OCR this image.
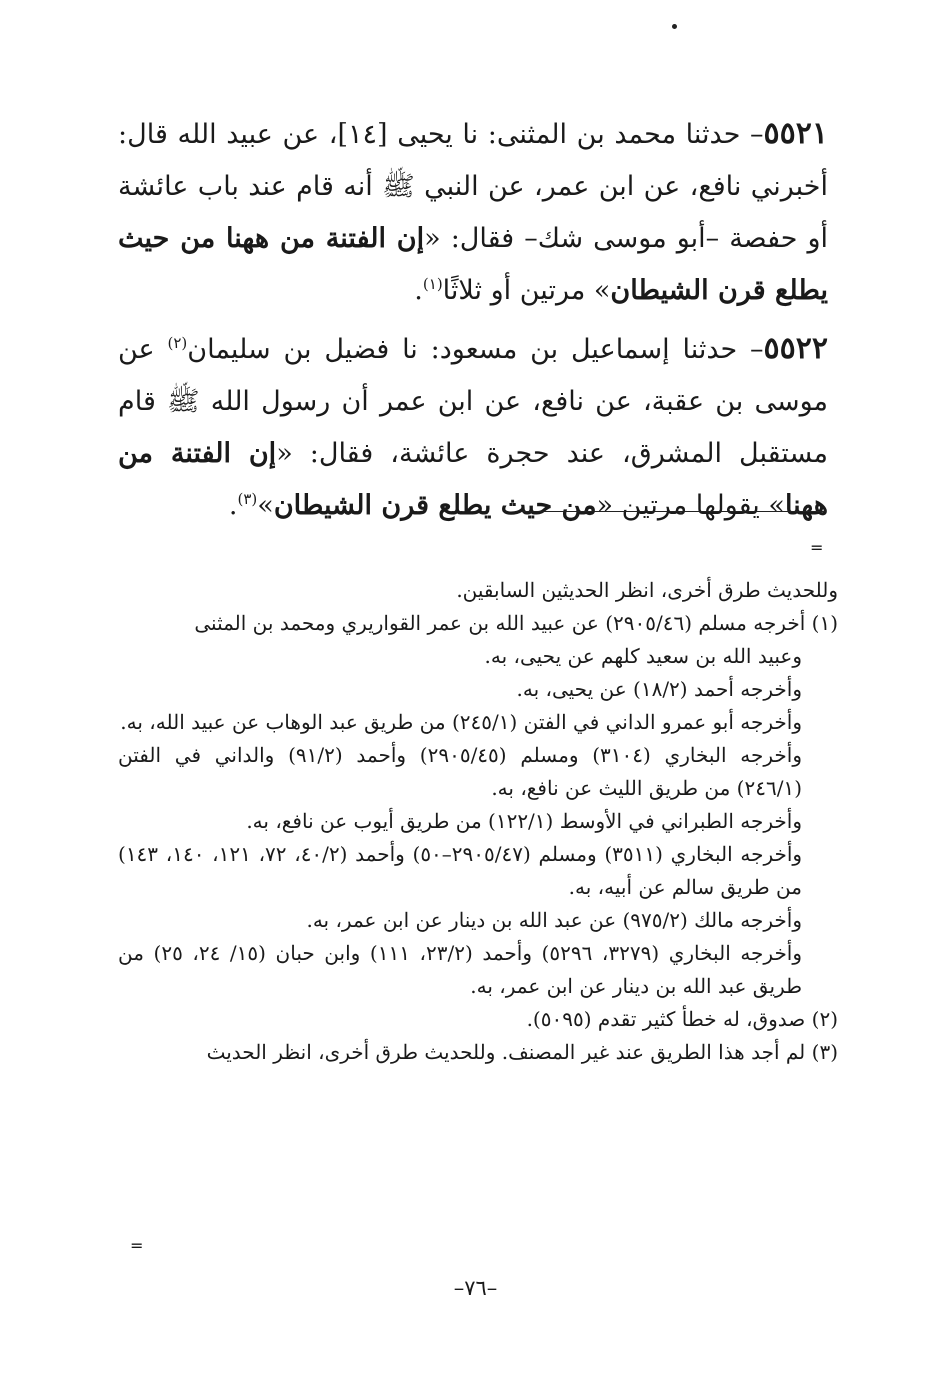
٥٥٢١– حدثنا محمد بن المثنى: نا يحيى [١٤]، عن عبيد الله قال: أخبرني نافع، عن ابن عمر، عن النبي ﷺ أنه قام عند باب عائشة أو حفصة –أبو موسى شك– فقال: «إن الفتنة من ههنا من حيث يطلع قرن الشيطان» مرتين أو ثلاثًا$^{(١)}$.

٥٥٢٢– حدثنا إسماعيل بن مسعود: نا فضيل بن سليمان$^{(٢)}$ عن موسى بن عقبة، عن نافع، عن ابن عمر أن رسول الله ﷺ قام مستقبل المشرق، عند حجرة عائشة، فقال: «إن الفتنة من ههنا» يقولها مرتين «من حيث يطلع قرن الشيطان»$^{(٣)}$.

=

وللحديث طرق أخرى، انظر الحديثين السابقين.

(١) أخرجه مسلم (٢٩٠٥/٤٦) عن عبيد الله بن عمر القواريري ومحمد بن المثنى

وعبيد الله بن سعيد كلهم عن يحيى، به.

وأخرجه أحمد (١٨/٢) عن يحيى، به.

وأخرجه أبو عمرو الداني في الفتن (٢٤٥/١) من طريق عبد الوهاب عن عبيد الله، به.

وأخرجه البخاري (٣١٠٤) ومسلم (٢٩٠٥/٤٥) وأحمد (٩١/٢) والداني في الفتن (٢٤٦/١) من طريق الليث عن نافع، به.

وأخرجه الطبراني في الأوسط (١٢٢/١) من طريق أيوب عن نافع، به.

وأخرجه البخاري (٣٥١١) ومسلم (٢٩٠٥/٤٧–٥٠) وأحمد (٤٠/٢، ٧٢، ١٢١، ١٤٠، ١٤٣) من طريق سالم عن أبيه، به.

وأخرجه مالك (٩٧٥/٢) عن عبد الله بن دينار عن ابن عمر، به.

وأخرجه البخاري (٣٢٧٩، ٥٢٩٦) وأحمد (٢٣/٢، ١١١) وابن حبان (١٥/ ٢٤، ٢٥) من طريق عبد الله بن دينار عن ابن عمر، به.

(٢) صدوق، له خطأ كثير تقدم (٥٠٩٥).

(٣) لم أجد هذا الطريق عند غير المصنف. وللحديث طرق أخرى، انظر الحديث

=
–٧٦–
